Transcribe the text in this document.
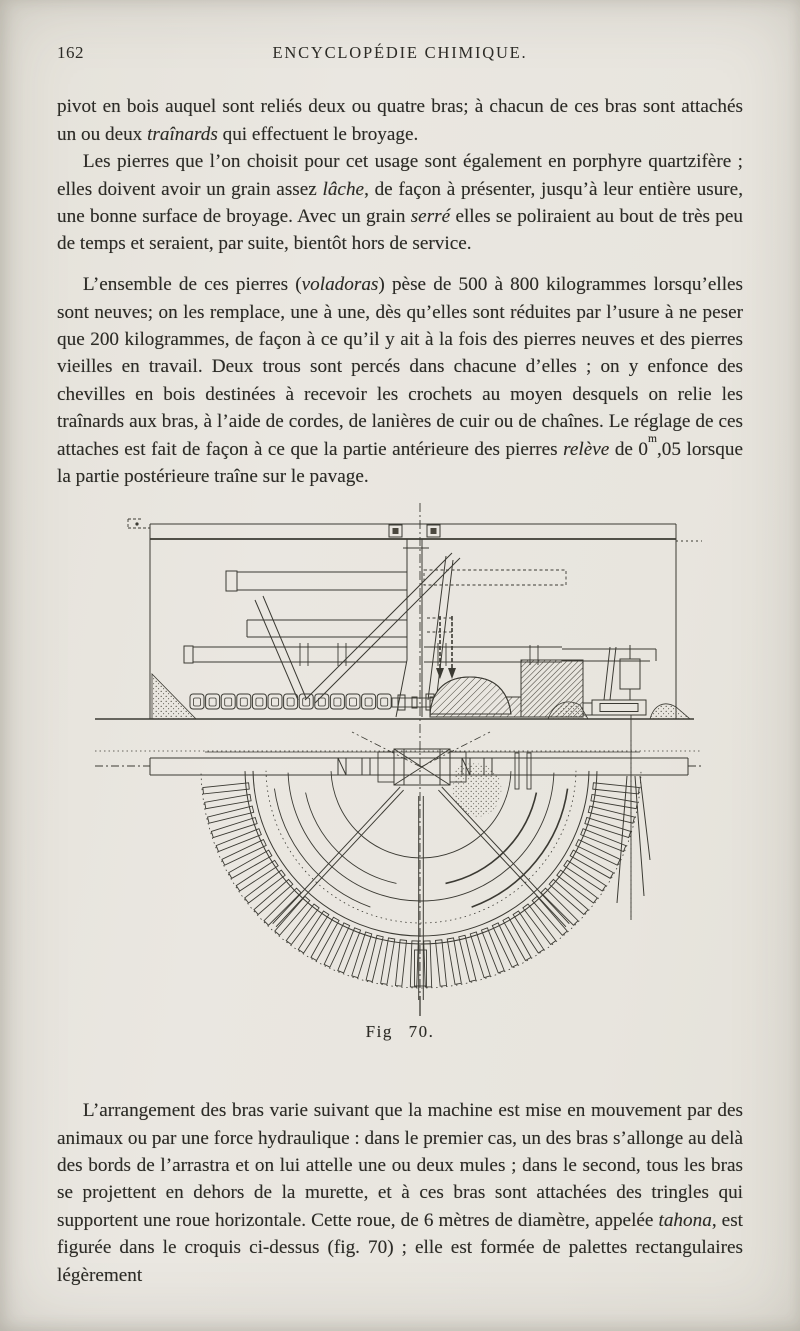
162	ENCYCLOPÉDIE CHIMIQUE.

pivot en bois auquel sont reliés deux ou quatre bras; à chacun de ces bras sont attachés un ou deux traînards qui effectuent le broyage.

Les pierres que l’on choisit pour cet usage sont également en porphyre quartzifère ; elles doivent avoir un grain assez lâche, de façon à présenter, jusqu’à leur entière usure, une bonne surface de broyage. Avec un grain serré elles se poliraient au bout de très peu de temps et seraient, par suite, bientôt hors de service.

L’ensemble de ces pierres (voladoras) pèse de 500 à 800 kilogrammes lorsqu’elles sont neuves; on les remplace, une à une, dès qu’elles sont réduites par l’usure à ne peser que 200 kilogrammes, de façon à ce qu’il y ait à la fois des pierres neuves et des pierres vieilles en travail. Deux trous sont percés dans chacune d’elles ; on y enfonce des chevilles en bois destinées à recevoir les crochets au moyen desquels on relie les traînards aux bras, à l’aide de cordes, de lanières de cuir ou de chaînes. Le réglage de ces attaches est fait de façon à ce que la partie antérieure des pierres relève de 0$^m$,05 lorsque la partie postérieure traîne sur le pavage.

Fig 70.

L’arrangement des bras varie suivant que la machine est mise en mouvement par des animaux ou par une force hydraulique : dans le premier cas, un des bras s’allonge au delà des bords de l’arrastra et on lui attelle une ou deux mules ; dans le second, tous les bras se projettent en dehors de la murette, et à ces bras sont attachées des tringles qui supportent une roue horizontale. Cette roue, de 6 mètres de diamètre, appelée tahona, est figurée dans le croquis ci-dessus (fig. 70) ; elle est formée de palettes rectangulaires légèrement
